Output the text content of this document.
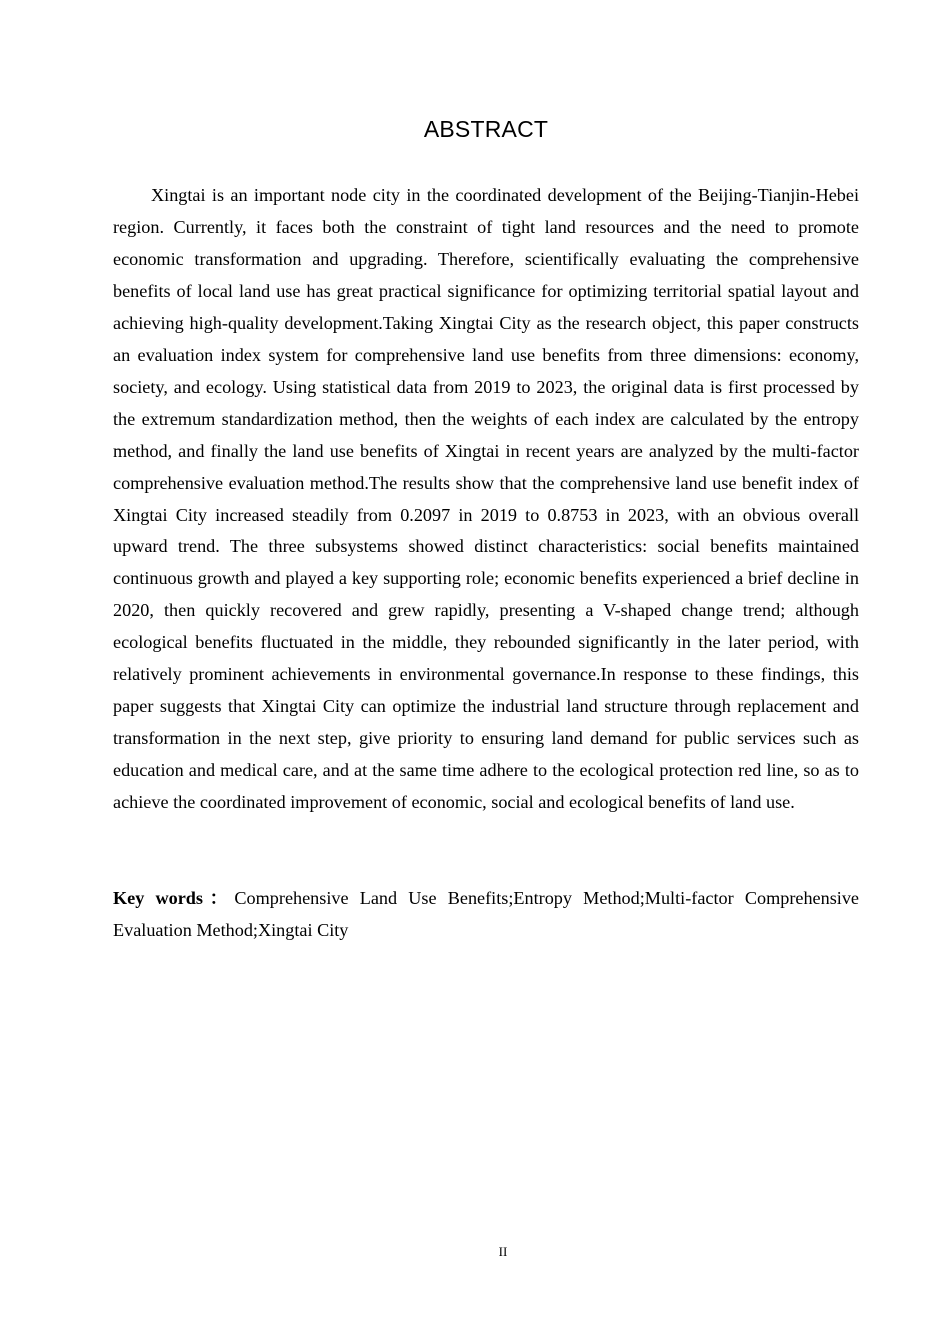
ABSTRACT

Xingtai is an important node city in the coordinated development of the Beijing-Tianjin-Hebei region. Currently, it faces both the constraint of tight land resources and the need to promote economic transformation and upgrading. Therefore, scientifically evaluating the comprehensive benefits of local land use has great practical significance for optimizing territorial spatial layout and achieving high-quality development.Taking Xingtai City as the research object, this paper constructs an evaluation index system for comprehensive land use benefits from three dimensions: economy, society, and ecology. Using statistical data from 2019 to 2023, the original data is first processed by the extremum standardization method, then the weights of each index are calculated by the entropy method, and finally the land use benefits of Xingtai in recent years are analyzed by the multi-factor comprehensive evaluation method.The results show that the comprehensive land use benefit index of Xingtai City increased steadily from 0.2097 in 2019 to 0.8753 in 2023, with an obvious overall upward trend. The three subsystems showed distinct characteristics: social benefits maintained continuous growth and played a key supporting role; economic benefits experienced a brief decline in 2020, then quickly recovered and grew rapidly, presenting a V-shaped change trend; although ecological benefits fluctuated in the middle, they rebounded significantly in the later period, with relatively prominent achievements in environmental governance.In response to these findings, this paper suggests that Xingtai City can optimize the industrial land structure through replacement and transformation in the next step, give priority to ensuring land demand for public services such as education and medical care, and at the same time adhere to the ecological protection red line, so as to achieve the coordinated improvement of economic, social and ecological benefits of land use.

Key words：Comprehensive Land Use Benefits;Entropy Method;Multi-factor Comprehensive Evaluation Method;Xingtai City

II
